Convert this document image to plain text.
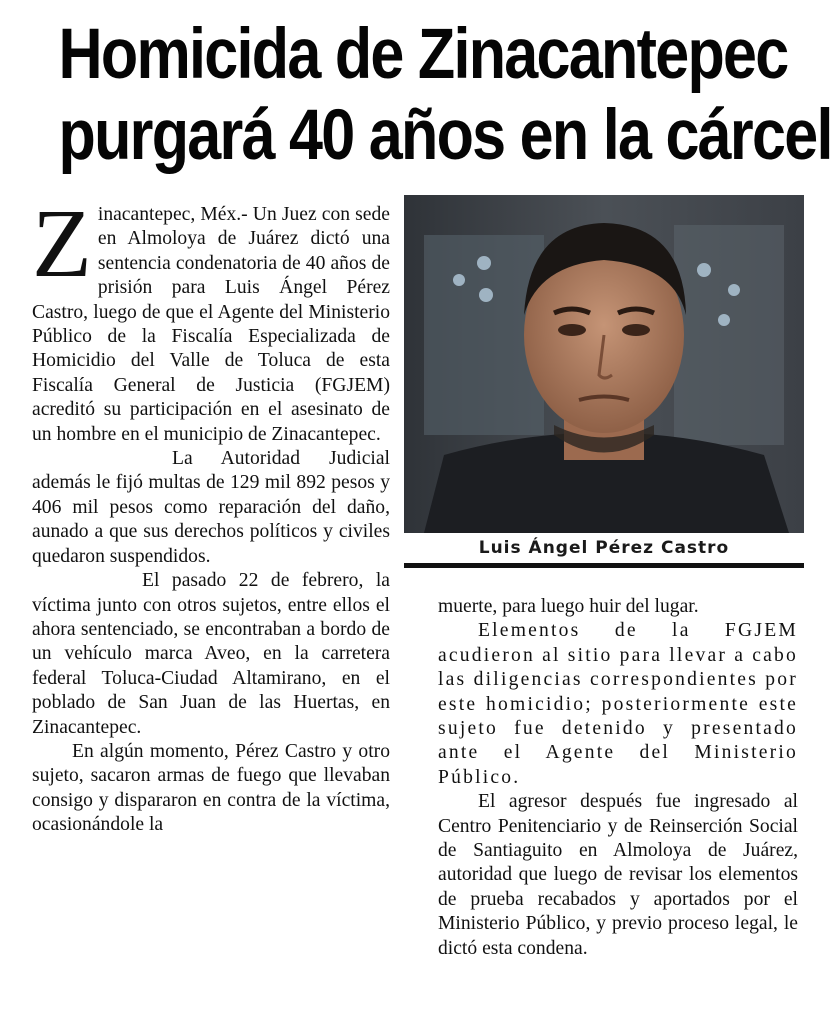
Homicida de Zinacantepec
purgará 40 años en la cárcel

Zinacantepec, Méx.- Un Juez con sede en Almoloya de Juárez dictó una sentencia condenatoria de 40 años de prisión para Luis Ángel Pérez Castro, luego de que el Agente del Ministerio Público de la Fiscalía Especializada de Homicidio del Valle de Toluca de esta Fiscalía General de Justicia (FGJEM) acreditó su participación en el asesinato de un hombre en el municipio de Zinacantepec.

La Autoridad Judicial además le fijó multas de 129 mil 892 pesos y 406 mil pesos como reparación del daño, aunado a que sus derechos políticos y civiles quedaron suspendidos.

El pasado 22 de febrero, la víctima junto con otros sujetos, entre ellos el ahora sentenciado, se encontraban a bordo de un vehículo marca Aveo, en la carretera federal Toluca-Ciudad Altamirano, en el poblado de San Juan de las Huertas, en Zinacantepec.

En algún momento, Pérez Castro y otro sujeto, sacaron armas de fuego que llevaban consigo y dispararon en contra de la víctima, ocasionándole la

Luis Ángel Pérez Castro

muerte, para luego huir del lugar.

Elementos de la FGJEM acudieron al sitio para llevar a cabo las diligencias correspondientes por este homicidio; posteriormente este sujeto fue detenido y presentado ante el Agente del Ministerio Público.

El agresor después fue ingresado al Centro Penitenciario y de Reinserción Social de Santiaguito en Almoloya de Juárez, autoridad que luego de revisar los elementos de prueba recabados y aportados por el Ministerio Público, y previo proceso legal, le dictó esta condena.
